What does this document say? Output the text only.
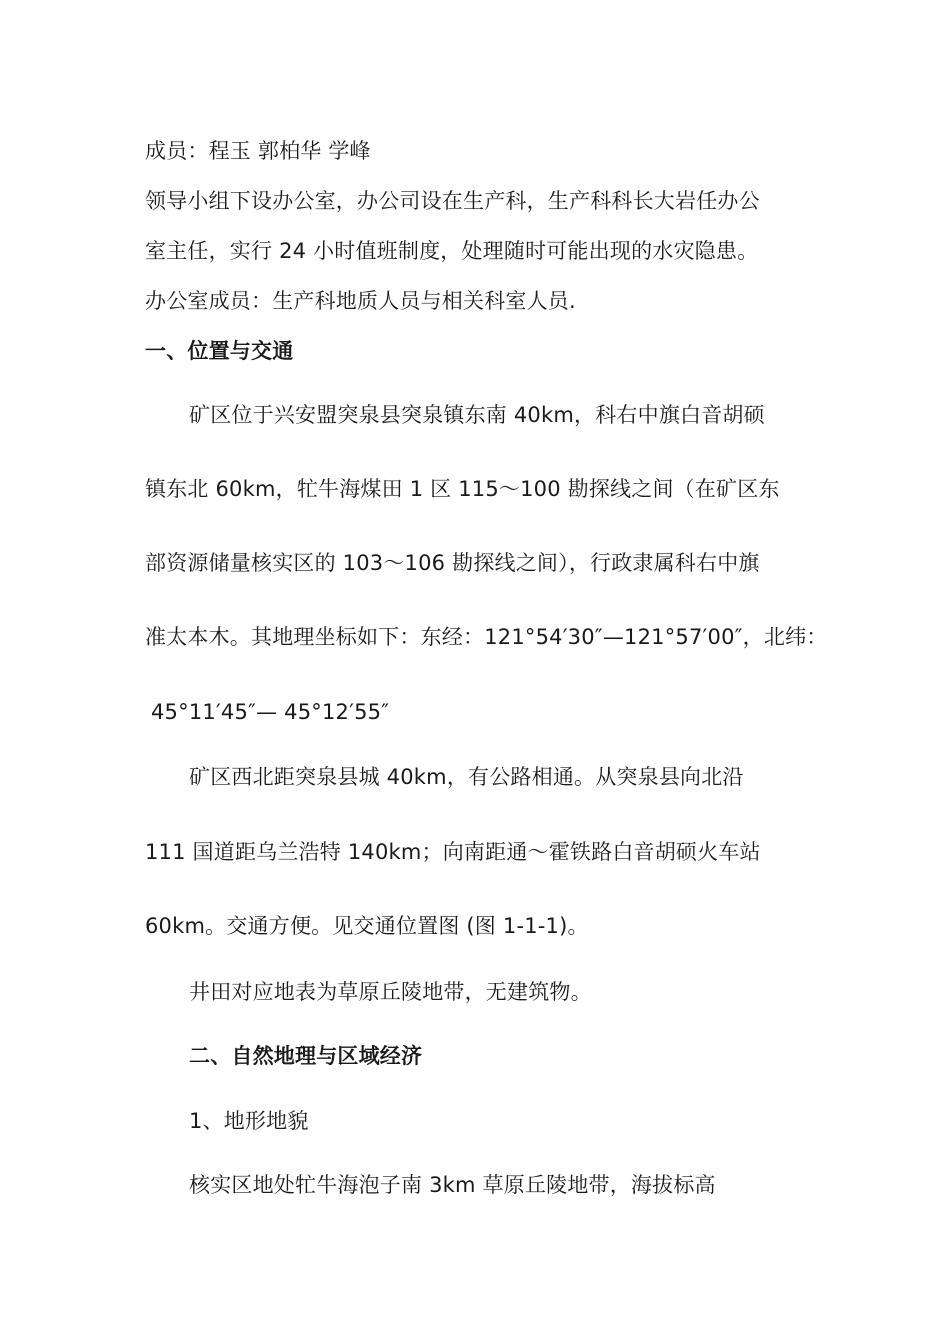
成员：程玉 郭柏华 学峰
领导小组下设办公室，办公司设在生产科，生产科科长大岩任办公
室主任，实行 24 小时值班制度，处理随时可能出现的水灾隐患。
办公室成员：生产科地质人员与相关科室人员.
一、位置与交通
矿区位于兴安盟突泉县突泉镇东南 40km，科右中旗白音胡硕
镇东北 60km，牤牛海煤田 1 区 115～100 勘探线之间（在矿区东
部资源储量核实区的 103～106 勘探线之间），行政隶属科右中旗
准太本木。其地理坐标如下：东经：121°54′30″—121°57′00″，北纬：
45°11′45″— 45°12′55″
矿区西北距突泉县城 40km，有公路相通。从突泉县向北沿
111 国道距乌兰浩特 140km；向南距通～霍铁路白音胡硕火车站
60km。交通方便。见交通位置图 (图 1-1-1)。
井田对应地表为草原丘陵地带，无建筑物。
二、自然地理与区域经济
1、地形地貌
核实区地处牤牛海泡子南 3km 草原丘陵地带，海拔标高
